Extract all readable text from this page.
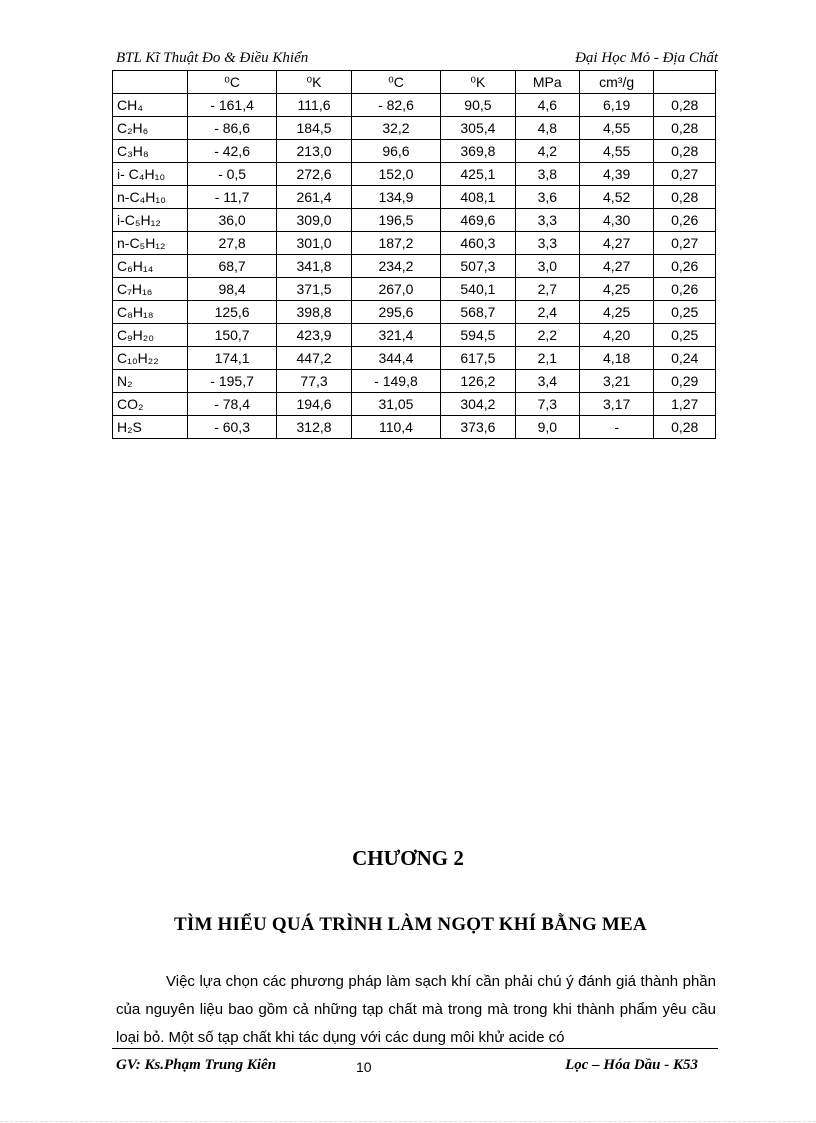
BTL Kĩ Thuật Đo & Điều Khiển	Đại Học Mỏ - Địa Chất
	⁰C	⁰K	⁰C	⁰K	MPa	cm³/g	
CH₄	- 161,4	111,6	- 82,6	90,5	4,6	6,19	0,28
C₂H₆	- 86,6	184,5	32,2	305,4	4,8	4,55	0,28
C₃H₈	- 42,6	213,0	96,6	369,8	4,2	4,55	0,28
i- C₄H₁₀	- 0,5	272,6	152,0	425,1	3,8	4,39	0,27
n-C₄H₁₀	- 11,7	261,4	134,9	408,1	3,6	4,52	0,28
i-C₅H₁₂	36,0	309,0	196,5	469,6	3,3	4,30	0,26
n-C₅H₁₂	27,8	301,0	187,2	460,3	3,3	4,27	0,27
C₆H₁₄	68,7	341,8	234,2	507,3	3,0	4,27	0,26
C₇H₁₆	98,4	371,5	267,0	540,1	2,7	4,25	0,26
C₈H₁₈	125,6	398,8	295,6	568,7	2,4	4,25	0,25
C₉H₂₀	150,7	423,9	321,4	594,5	2,2	4,20	0,25
C₁₀H₂₂	174,1	447,2	344,4	617,5	2,1	4,18	0,24
N₂	- 195,7	77,3	- 149,8	126,2	3,4	3,21	0,29
CO₂	- 78,4	194,6	31,05	304,2	7,3	3,17	1,27
H₂S	- 60,3	312,8	110,4	373,6	9,0	-	0,28
CHƯƠNG 2
TÌM HIỂU QUÁ TRÌNH LÀM NGỌT KHÍ BẰNG MEA
Việc lựa chọn các phương pháp làm sạch khí cần phải chú ý đánh giá thành phần của nguyên liệu bao gồm cả những tạp chất mà trong mà trong khi thành phẩm yêu cầu loại bỏ. Một số tạp chất khi tác dụng với các dung môi khử acide có
GV: Ks.Phạm Trung Kiên	10	Lọc – Hóa Dầu - K53
